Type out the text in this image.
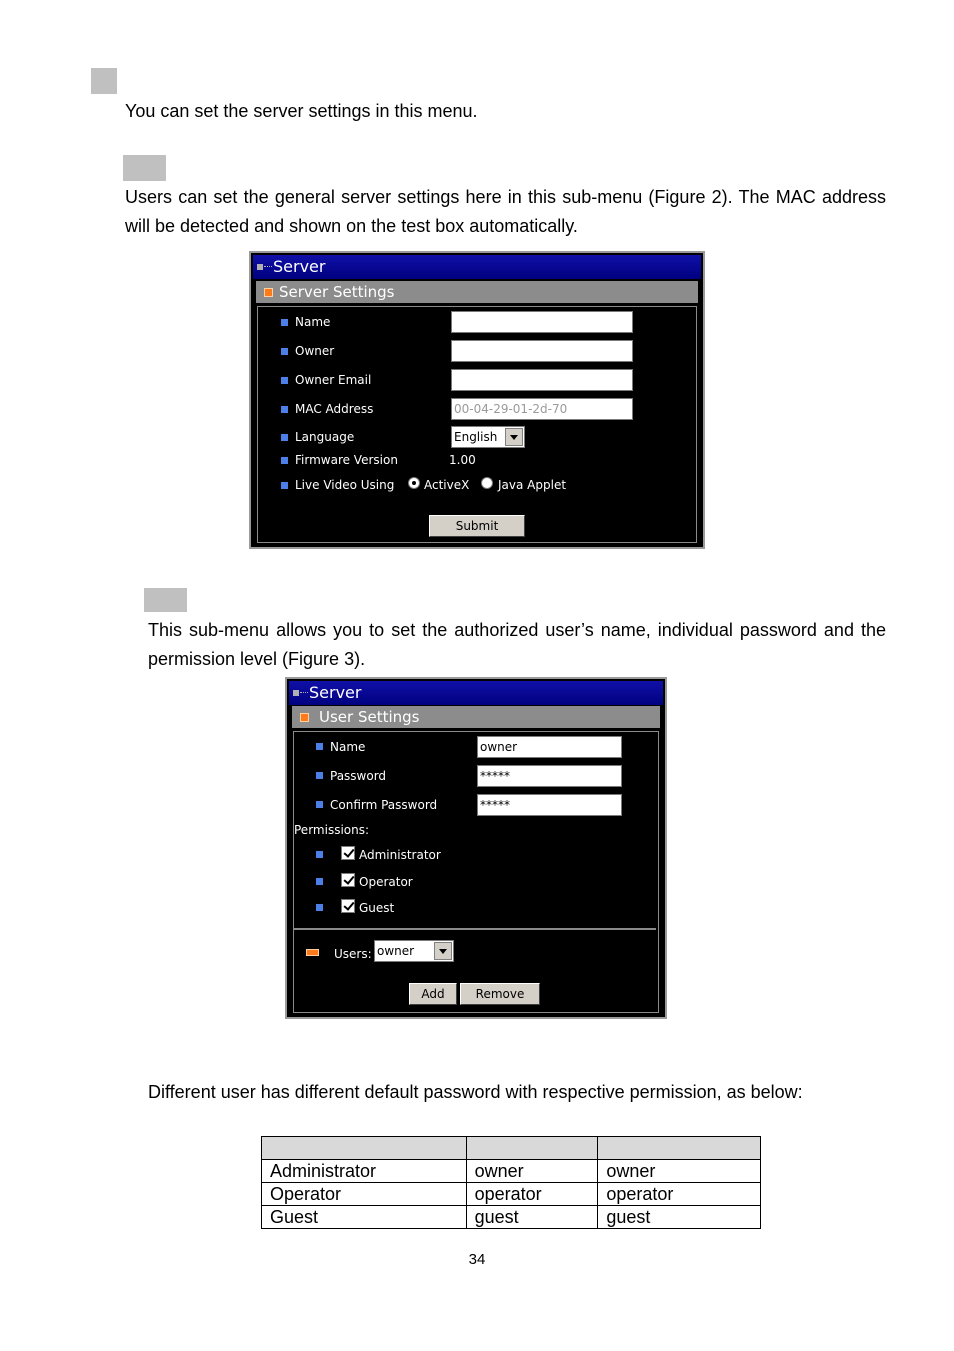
You can set the server settings in this menu.
Users can set the general server settings here in this sub-menu (Figure 2). The MAC address will be detected and shown on the test box automatically.
Server
Server Settings
Name
Owner
Owner Email
MAC Address	00-04-29-01-2d-70
Language	English
Firmware Version	1.00
Live Video Using ActiveX Java Applet
Submit
This sub-menu allows you to set the authorized user’s name, individual password and the permission level (Figure 3).
Server
User Settings
Name	owner
Password	*****
Confirm Password	*****
Permissions:
Administrator
Operator
Guest
Users: owner
Add	Remove
Different user has different default password with respective permission, as below:

Administrator	owner	owner
Operator	operator	operator
Guest	guest	guest
34
